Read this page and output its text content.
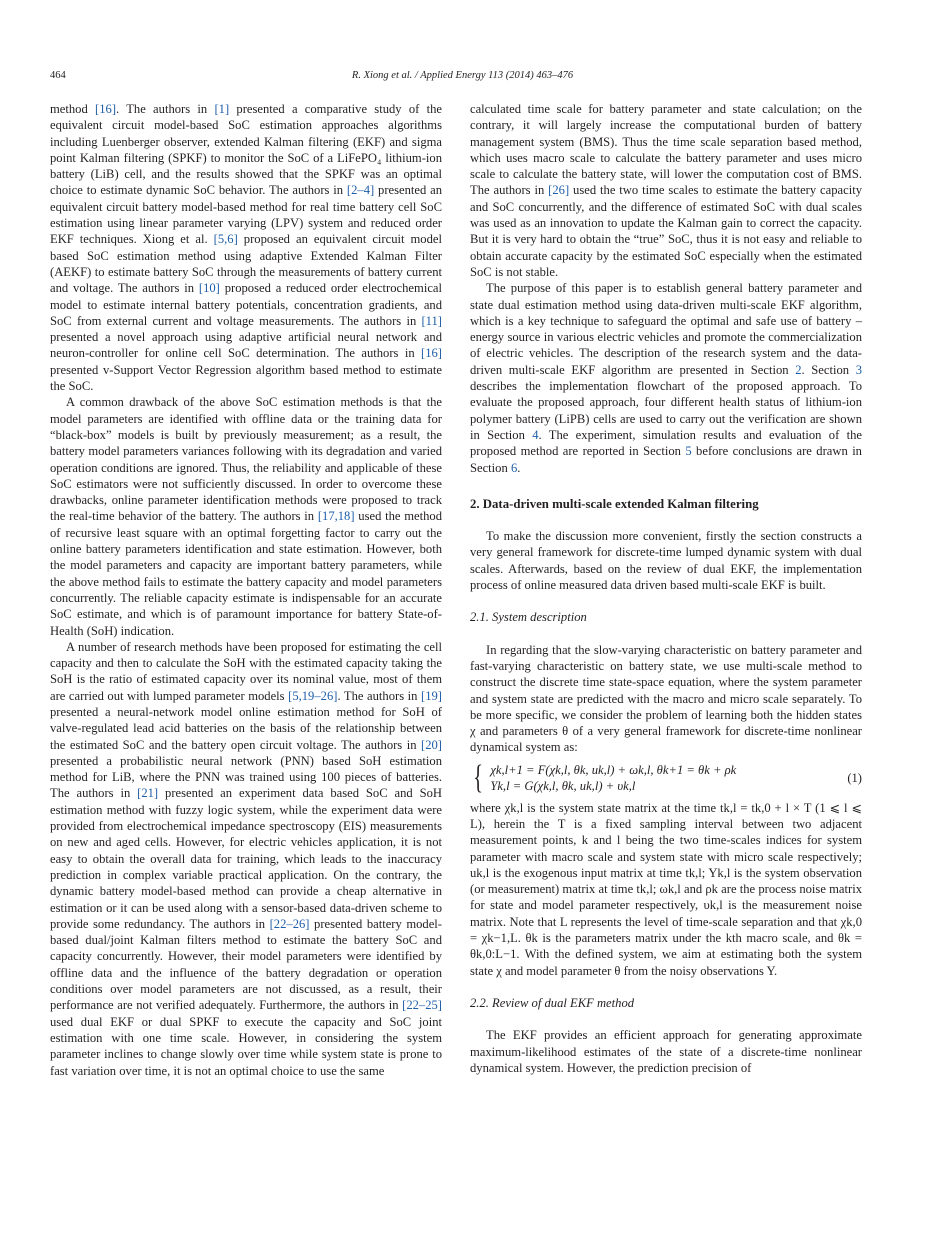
464	R. Xiong et al. / Applied Energy 113 (2014) 463–476

method [16]. The authors in [1] presented a comparative study of the equivalent circuit model-based SoC estimation approaches algorithms including Luenberger observer, extended Kalman filtering (EKF) and sigma point Kalman filtering (SPKF) to monitor the SoC of a LiFePO₄ lithium-ion battery (LiB) cell, and the results showed that the SPKF was an optimal choice to estimate dynamic SoC behavior. The authors in [2–4] presented an equivalent circuit battery model-based method for real time battery cell SoC estimation using linear parameter varying (LPV) system and reduced order EKF techniques. Xiong et al. [5,6] proposed an equivalent circuit model based SoC estimation method using adaptive Extended Kalman Filter (AEKF) to estimate battery SoC through the measurements of battery current and voltage. The authors in [10] proposed a reduced order electrochemical model to estimate internal battery potentials, concentration gradients, and SoC from external current and voltage measurements. The authors in [11] presented a novel approach using adaptive artificial neural network and neuron-controller for online cell SoC determination. The authors in [16] presented v-Support Vector Regression algorithm based method to estimate the SoC.

A common drawback of the above SoC estimation methods is that the model parameters are identified with offline data or the training data for “black-box” models is built by previously measurement; as a result, the battery model parameters variances following with its degradation and varied operation conditions are ignored. Thus, the reliability and applicable of these SoC estimators were not sufficiently discussed. In order to overcome these drawbacks, online parameter identification methods were proposed to track the real-time behavior of the battery. The authors in [17,18] used the method of recursive least square with an optimal forgetting factor to carry out the online battery parameters identification and state estimation. However, both the model parameters and capacity are important battery parameters, while the above method fails to estimate the battery capacity and model parameters concurrently. The reliable capacity estimate is indispensable for an accurate SoC estimate, and which is of paramount importance for battery State-of-Health (SoH) indication.

A number of research methods have been proposed for estimating the cell capacity and then to calculate the SoH with the estimated capacity taking the SoH is the ratio of estimated capacity over its nominal value, most of them are carried out with lumped parameter models [5,19–26]. The authors in [19] presented a neural-network model online estimation method for SoH of valve-regulated lead acid batteries on the basis of the relationship between the estimated SoC and the battery open circuit voltage. The authors in [20] presented a probabilistic neural network (PNN) based SoH estimation method for LiB, where the PNN was trained using 100 pieces of batteries. The authors in [21] presented an experiment data based SoC and SoH estimation method with fuzzy logic system, while the experiment data were provided from electrochemical impedance spectroscopy (EIS) measurements on new and aged cells. However, for electric vehicles application, it is not easy to obtain the overall data for training, which leads to the inaccuracy prediction in complex variable practical application. On the contrary, the dynamic battery model-based method can provide a cheap alternative in estimation or it can be used along with a sensor-based data-driven scheme to provide some redundancy. The authors in [22–26] presented battery model-based dual/joint Kalman filters method to estimate the battery SoC and capacity concurrently. However, their model parameters were identified by offline data and the influence of the battery degradation or operation conditions over model parameters are not discussed, as a result, their performance are not verified adequately. Furthermore, the authors in [22–25] used dual EKF or dual SPKF to execute the capacity and SoC joint estimation with one time scale. However, in considering the system parameter inclines to change slowly over time while system state is prone to fast variation over time, it is not an optimal choice to use the same

calculated time scale for battery parameter and state calculation; on the contrary, it will largely increase the computational burden of battery management system (BMS). Thus the time scale separation based method, which uses macro scale to calculate the battery parameter and uses micro scale to calculate the battery state, will lower the computation cost of BMS. The authors in [26] used the two time scales to estimate the battery capacity and SoC concurrently, and the difference of estimated SoC with dual scales was used as an innovation to update the Kalman gain to correct the capacity. But it is very hard to obtain the “true” SoC, thus it is not easy and reliable to obtain accurate capacity by the estimated SoC especially when the estimated SoC is not stable.

The purpose of this paper is to establish general battery parameter and state dual estimation method using data-driven multi-scale EKF algorithm, which is a key technique to safeguard the optimal and safe use of battery – energy source in various electric vehicles and promote the commercialization of electric vehicles. The description of the research system and the data-driven multi-scale EKF algorithm are presented in Section 2. Section 3 describes the implementation flowchart of the proposed approach. To evaluate the proposed approach, four different health status of lithium-ion polymer battery (LiPB) cells are used to carry out the verification are shown in Section 4. The experiment, simulation results and evaluation of the proposed method are reported in Section 5 before conclusions are drawn in Section 6.

2. Data-driven multi-scale extended Kalman filtering

To make the discussion more convenient, firstly the section constructs a very general framework for discrete-time lumped dynamic system with dual scales. Afterwards, based on the review of dual EKF, the implementation process of online measured data driven based multi-scale EKF is built.

2.1. System description

In regarding that the slow-varying characteristic on battery parameter and fast-varying characteristic on battery state, we use multi-scale method to construct the discrete time state-space equation, where the system parameter and system state are predicted with the macro and micro scale separately. To be more specific, we consider the problem of learning both the hidden states χ and parameters θ of a very general framework for discrete-time nonlinear dynamical system as:

{ χk,l+1 = F(χk,l, θk, uk,l) + ωk,l, θk+1 = θk + ρk
Yk,l = G(χk,l, θk, uk,l) + υk,l
(1)

where χk,l is the system state matrix at the time tk,l = tk,0 + l × T (1 ⩽ l ⩽ L), herein the T is a fixed sampling interval between two adjacent measurement points, k and l being the two time-scales indices for system parameter with macro scale and system state with micro scale respectively; uk,l is the exogenous input matrix at time tk,l; Yk,l is the system observation (or measurement) matrix at time tk,l; ωk,l and ρk are the process noise matrix for state and model parameter respectively, υk,l is the measurement noise matrix. Note that L represents the level of time-scale separation and that χk,0 = χk−1,L. θk is the parameters matrix under the kth macro scale, and θk = θk,0:L−1. With the defined system, we aim at estimating both the system state χ and model parameter θ from the noisy observations Y.

2.2. Review of dual EKF method

The EKF provides an efficient approach for generating approximate maximum-likelihood estimates of the state of a discrete-time nonlinear dynamical system. However, the prediction precision of
